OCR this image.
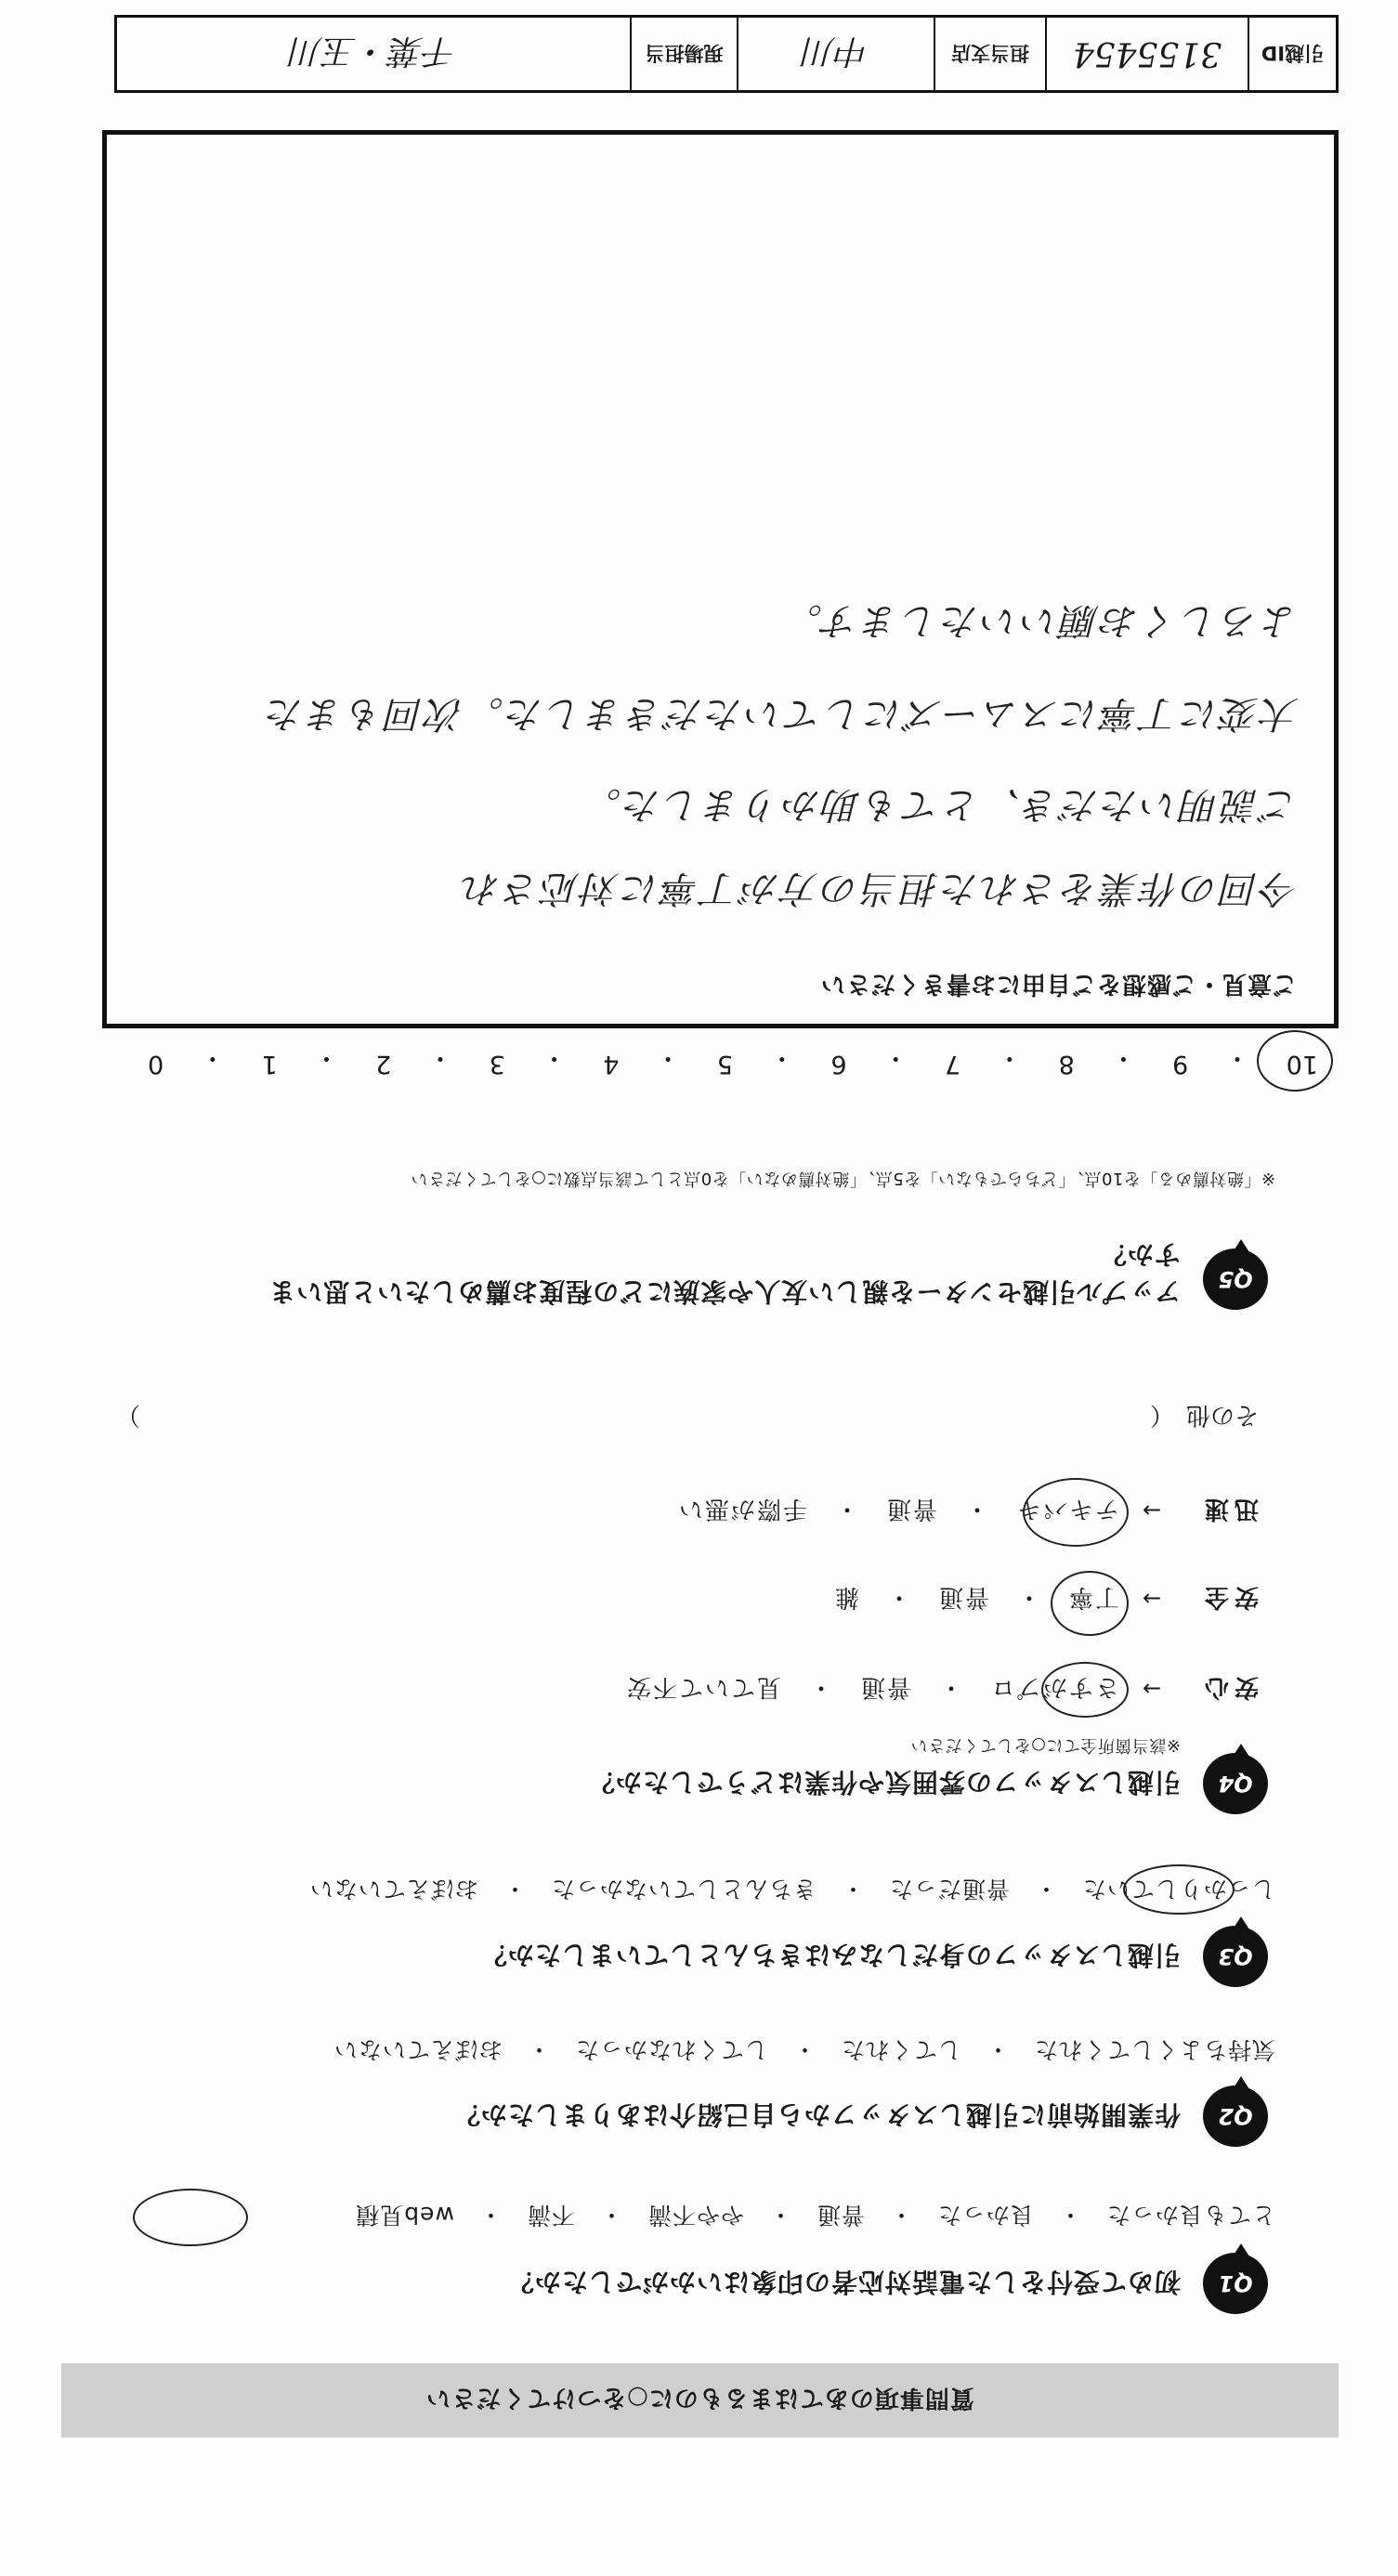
質問事項のあてはまるものに○をつけてください
Q1
初めて受付をした電話対応者の印象はいかがでしたか？
とても良かった　・　良かった　・　普通　・　やや不満　・　不満　・　web見積
Q2
作業開始前に引越しスタッフから自己紹介はありましたか？
気持ちよくしてくれた　・　してくれた　・　してくれなかった　・　おぼえていない
Q3
引越しスタッフの身だしなみはきちんとしていましたか？
しっかりしていた　・　普通だった　・　きちんとしていなかった　・　おぼえていない
Q4
引越しスタッフの雰囲気や作業はどうでしたか？
※該当箇所全てに○をしてください
安心
→
さすがプロ　・　普通　・　見ていて不安
安全
→
丁寧　・　普通　・　雑
迅速
→
テキパキ　・　普通　・　手際が悪い
その他　（
）
Q5
アップル引越センターを親しい友人や家族にどの程度お薦めしたいと思いますか？
※「絶対薦める」を10点、「どちらでもない」を5点、「絶対薦めない」を0点として該当点数に○をしてください
10
・
9
・
8
・
7
・
6
・
5
・
4
・
3
・
2
・
1
・
0
ご意見・ご感想をご自由にお書きください
今回の作業をされた担当の方が丁寧に対応され
ご説明いただき、とても助かりました。
大変に丁寧にスムーズにしていただきました。次回もまた
よろしくお願いいたします。
引越ID
3155454
担当支店
中川
現場担当
千葉・玉川
